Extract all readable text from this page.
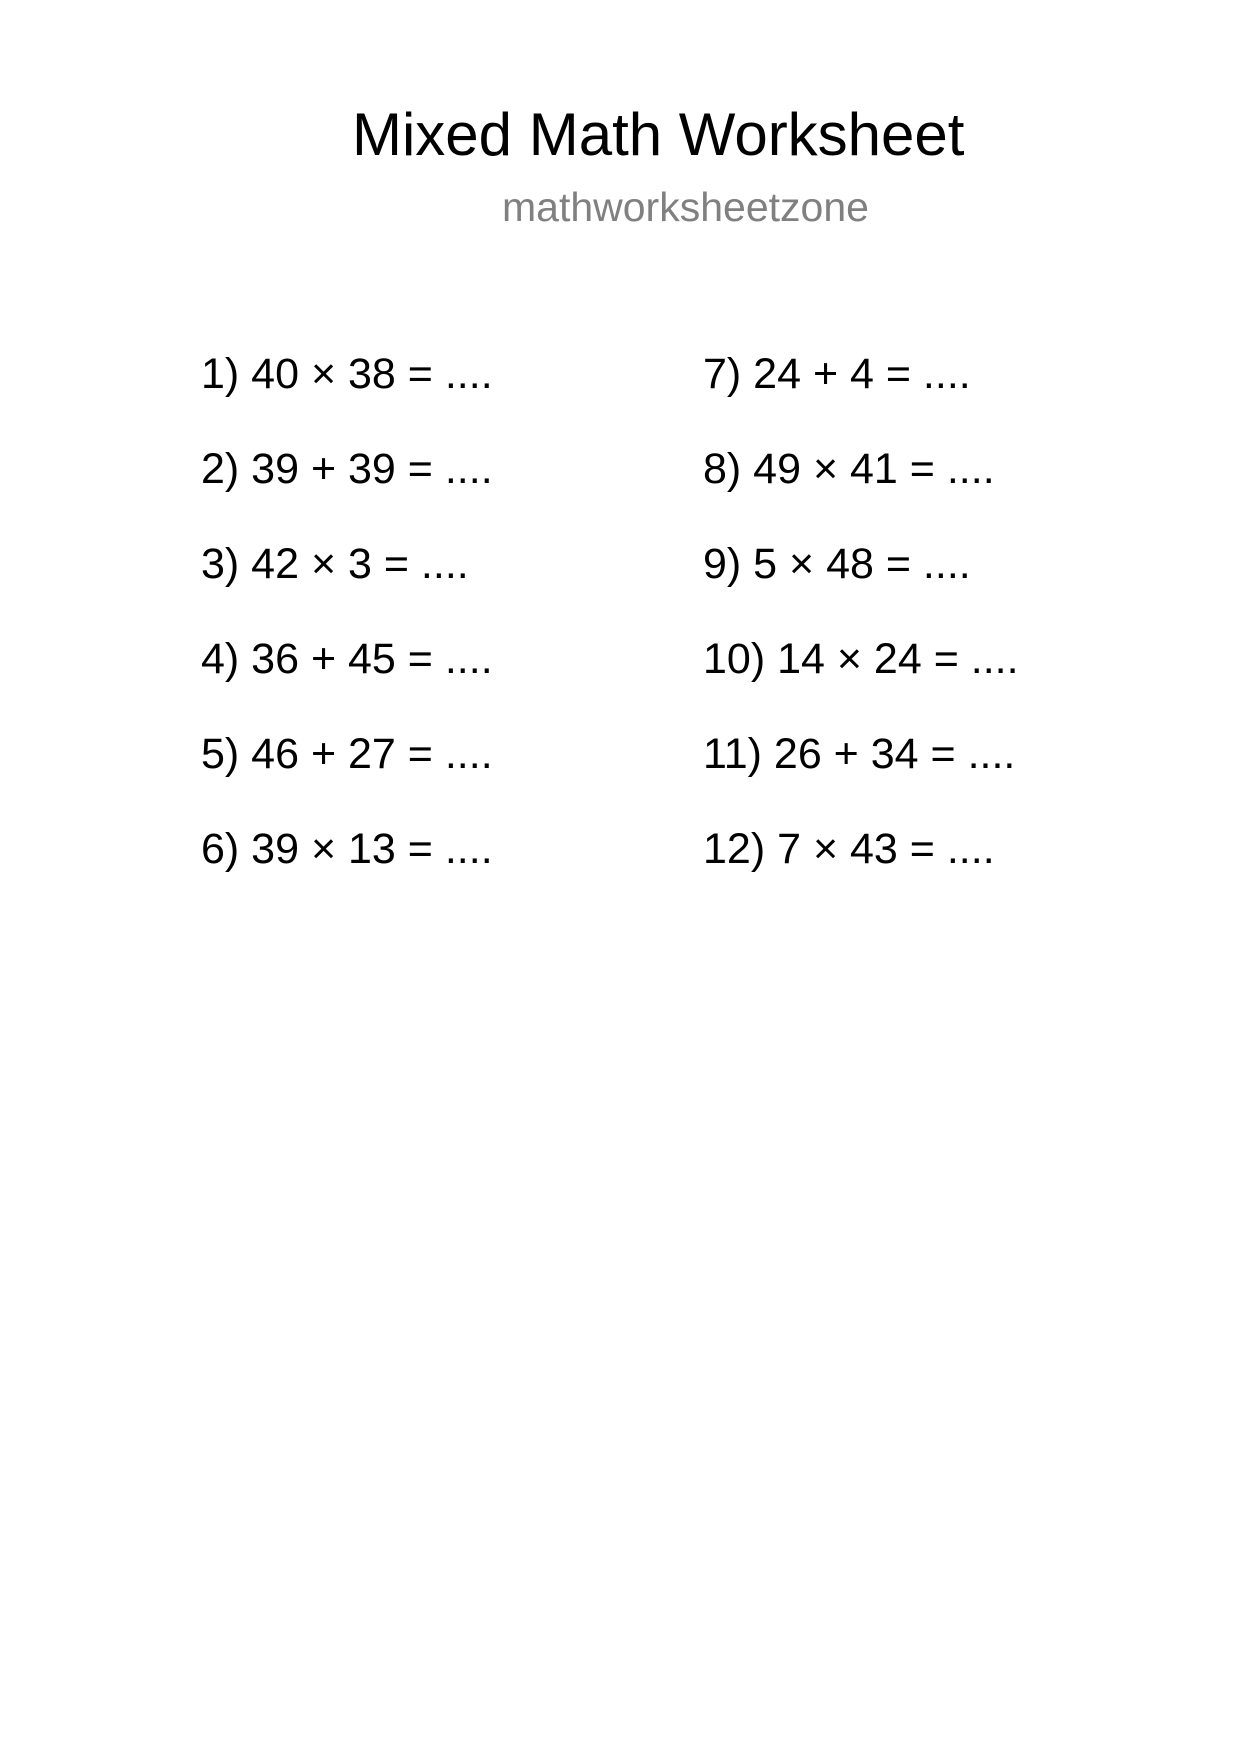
Mixed Math Worksheet
mathworksheetzone
1) 40 × 38 = ....
2) 39 + 39 = ....
3) 42 × 3 = ....
4) 36 + 45 = ....
5) 46 + 27 = ....
6) 39 × 13 = ....
7) 24 + 4 = ....
8) 49 × 41 = ....
9) 5 × 48 = ....
10) 14 × 24 = ....
11) 26 + 34 = ....
12) 7 × 43 = ....
